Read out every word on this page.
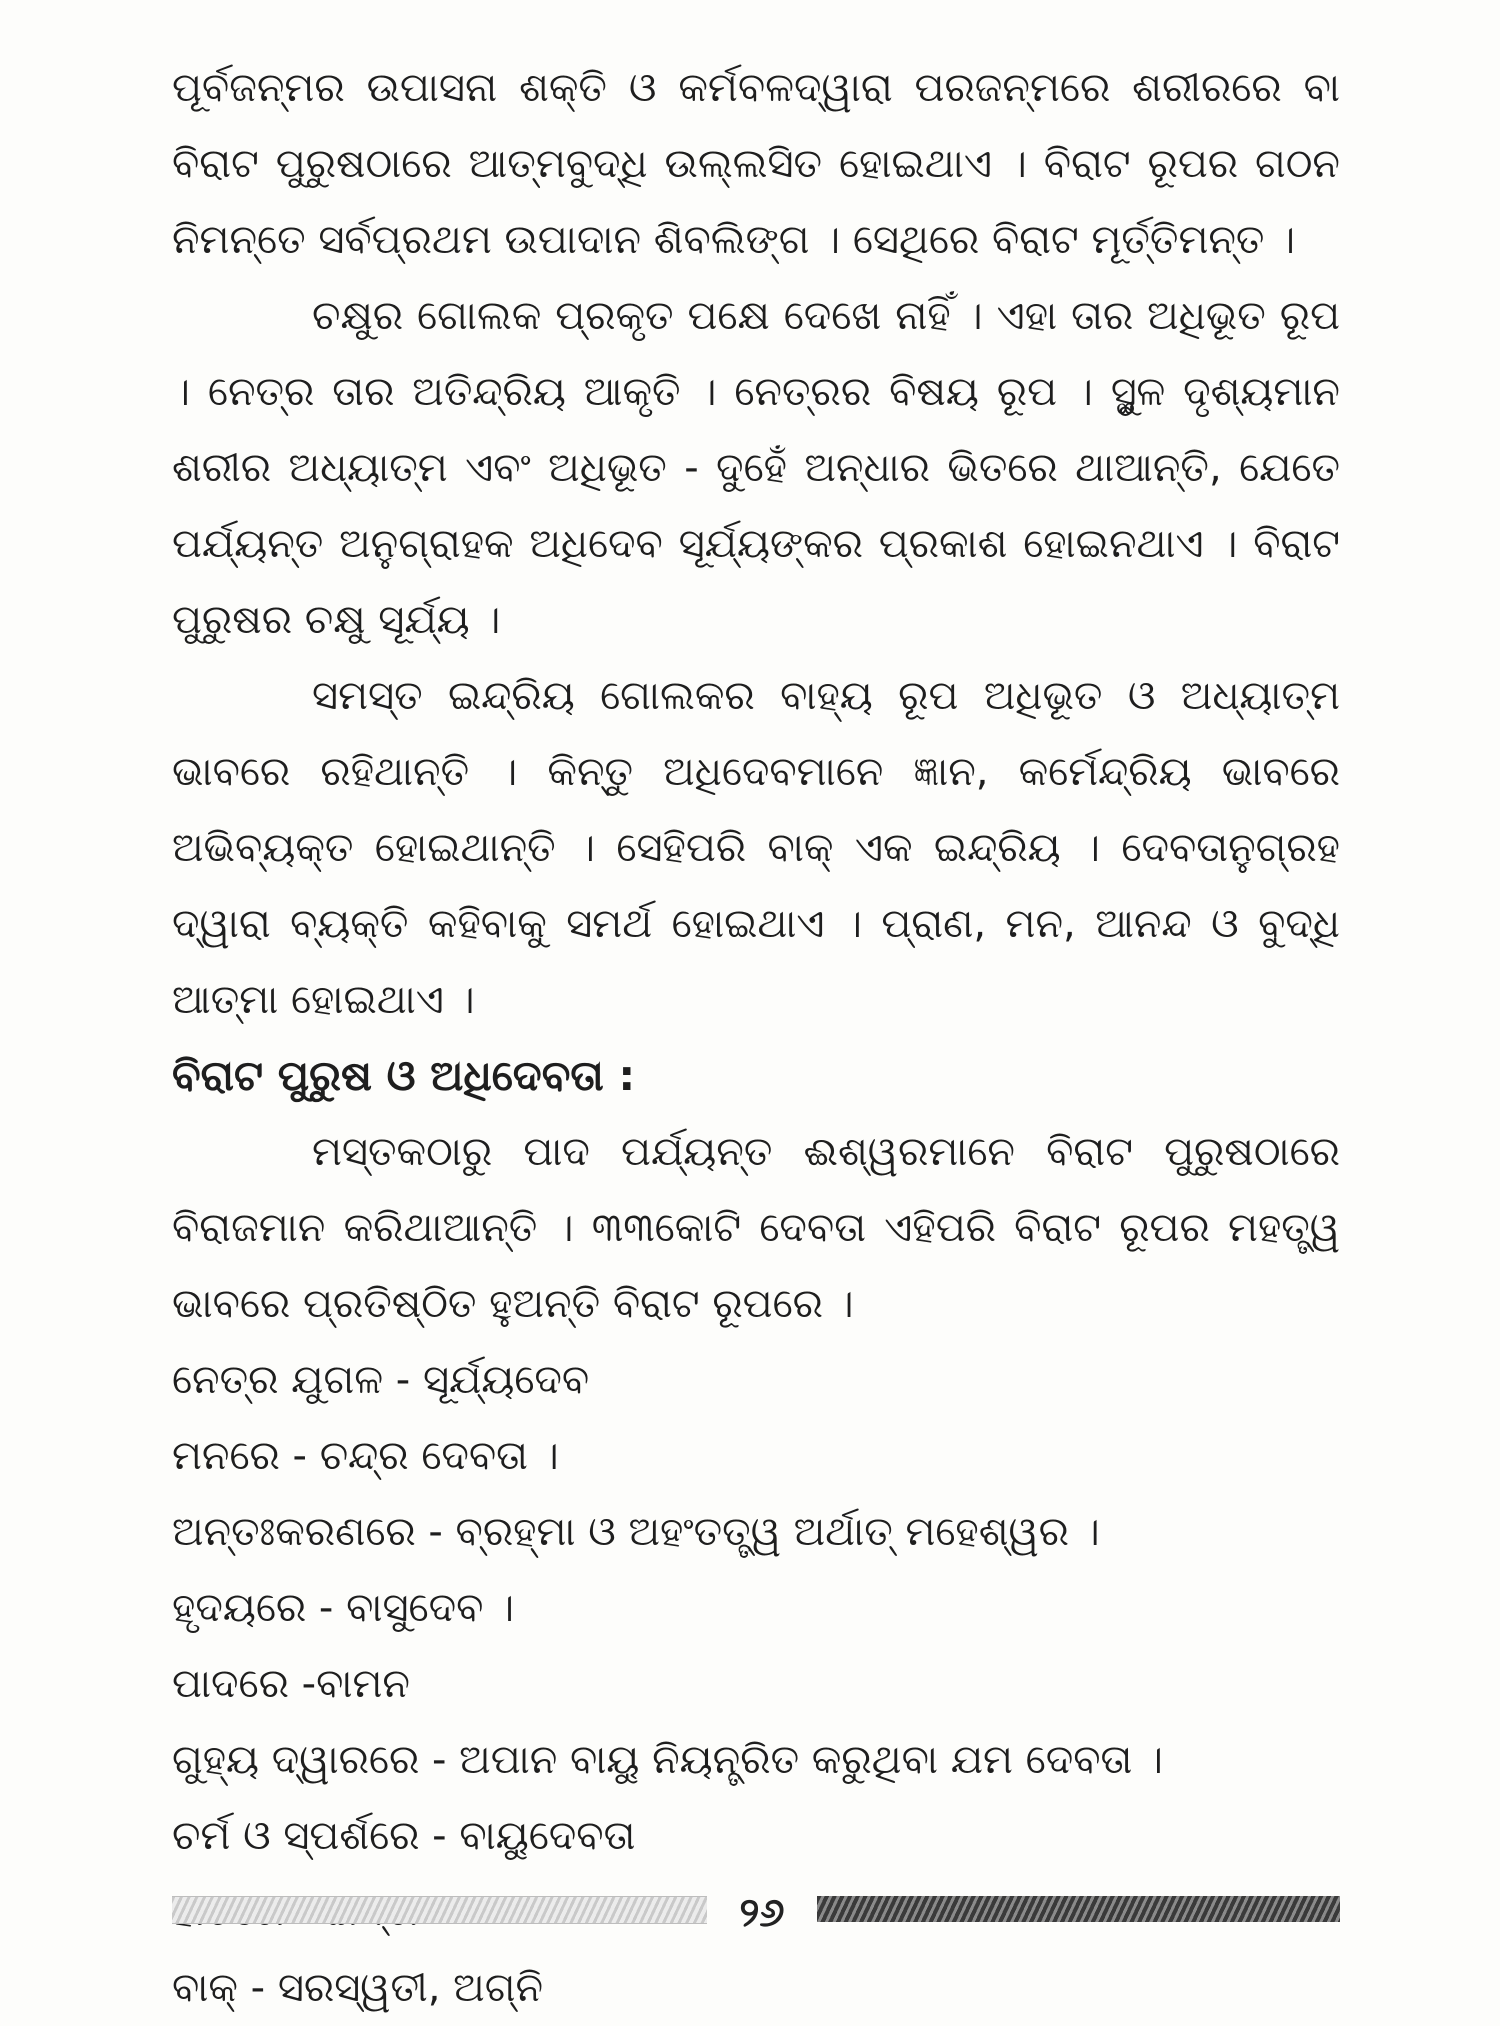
ପୂର୍ବଜନ୍ମର ଉପାସନା ଶକ୍ତି ଓ କର୍ମବଳଦ୍ୱାରା ପରଜନ୍ମରେ ଶରୀରରେ ବା ବିରାଟ ପୁରୁଷଠାରେ ଆତ୍ମବୁଦ୍ଧି ଉଲ୍ଲସିତ ହୋଇଥାଏ । ବିରାଟ ରୂପର ଗଠନ ନିମନ୍ତେ ସର୍ବପ୍ରଥମ ଉପାଦାନ ଶିବଲିଙ୍ଗ । ସେଥିରେ ବିରାଟ ମୂର୍ତ୍ତିମନ୍ତ ।

ଚକ୍ଷୁର ଗୋଲକ ପ୍ରକୃତ ପକ୍ଷେ ଦେଖେ ନାହିଁ । ଏହା ତାର ଅଧିଭୂତ ରୂପ । ନେତ୍ର ତାର ଅତିନ୍ଦ୍ରିୟ ଆକୃତି । ନେତ୍ରର ବିଷୟ ରୂପ । ସ୍ଥୁଳ ଦୃଶ୍ୟମାନ ଶରୀର ଅଧ୍ୟାତ୍ମ ଏବଂ ଅଧିଭୂତ - ଦୁହେଁ ଅନ୍ଧାର ଭିତରେ ଥାଆନ୍ତି, ଯେତେ ପର୍ଯ୍ୟନ୍ତ ଅନୁଗ୍ରାହକ ଅଧିଦେବ ସୂର୍ଯ୍ୟଙ୍କର ପ୍ରକାଶ ହୋଇନଥାଏ । ବିରାଟ ପୁରୁଷର ଚକ୍ଷୁ ସୂର୍ଯ୍ୟ ।

ସମସ୍ତ ଇନ୍ଦ୍ରିୟ ଗୋଲକର ବାହ୍ୟ ରୂପ ଅଧିଭୂତ ଓ ଅଧ୍ୟାତ୍ମ ଭାବରେ ରହିଥାନ୍ତି । କିନ୍ତୁ ଅଧିଦେବମାନେ ଜ୍ଞାନ, କର୍ମେନ୍ଦ୍ରିୟ ଭାବରେ ଅଭିବ୍ୟକ୍ତ ହୋଇଥାନ୍ତି । ସେହିପରି ବାକ୍ ଏକ ଇନ୍ଦ୍ରିୟ । ଦେବତାନୁଗ୍ରହ ଦ୍ୱାରା ବ୍ୟକ୍ତି କହିବାକୁ ସମର୍ଥ ହୋଇଥାଏ । ପ୍ରାଣ, ମନ, ଆନନ୍ଦ ଓ ବୁଦ୍ଧି ଆତ୍ମା ହୋଇଥାଏ ।

ବିରାଟ ପୁରୁଷ ଓ ଅଧିଦେବତା :

ମସ୍ତକଠାରୁ ପାଦ ପର୍ଯ୍ୟନ୍ତ ଈଶ୍ୱରମାନେ ବିରାଟ ପୁରୁଷଠାରେ ବିରାଜମାନ କରିଥାଆନ୍ତି । ୩୩କୋଟି ଦେବତା ଏହିପରି ବିରାଟ ରୂପର ମହତ୍ତ୍ୱ ଭାବରେ ପ୍ରତିଷ୍ଠିତ ହୁଅନ୍ତି ବିରାଟ ରୂପରେ ।

ନେତ୍ର ଯୁଗଳ - ସୂର୍ଯ୍ୟଦେବ
ମନରେ - ଚନ୍ଦ୍ର ଦେବତା ।
ଅନ୍ତଃକରଣରେ - ବ୍ରହ୍ମା ଓ ଅହଂତତ୍ତ୍ୱ ଅର୍ଥାତ୍ ମହେଶ୍ୱର ।
ହୃଦୟରେ - ବାସୁଦେବ ।
ପାଦରେ -ବାମନ
ଗୁହ୍ୟ ଦ୍ୱାରରେ - ଅପାନ ବାୟୁ ନିୟନ୍ତ୍ରିତ କରୁଥିବା ଯମ ଦେବତା ।
ଚର୍ମ ଓ ସ୍ପର୍ଶରେ - ବାୟୁଦେବତା
ବାକ୍ - ସରସ୍ୱତୀ, ଅଗ୍ନି
୨୬
